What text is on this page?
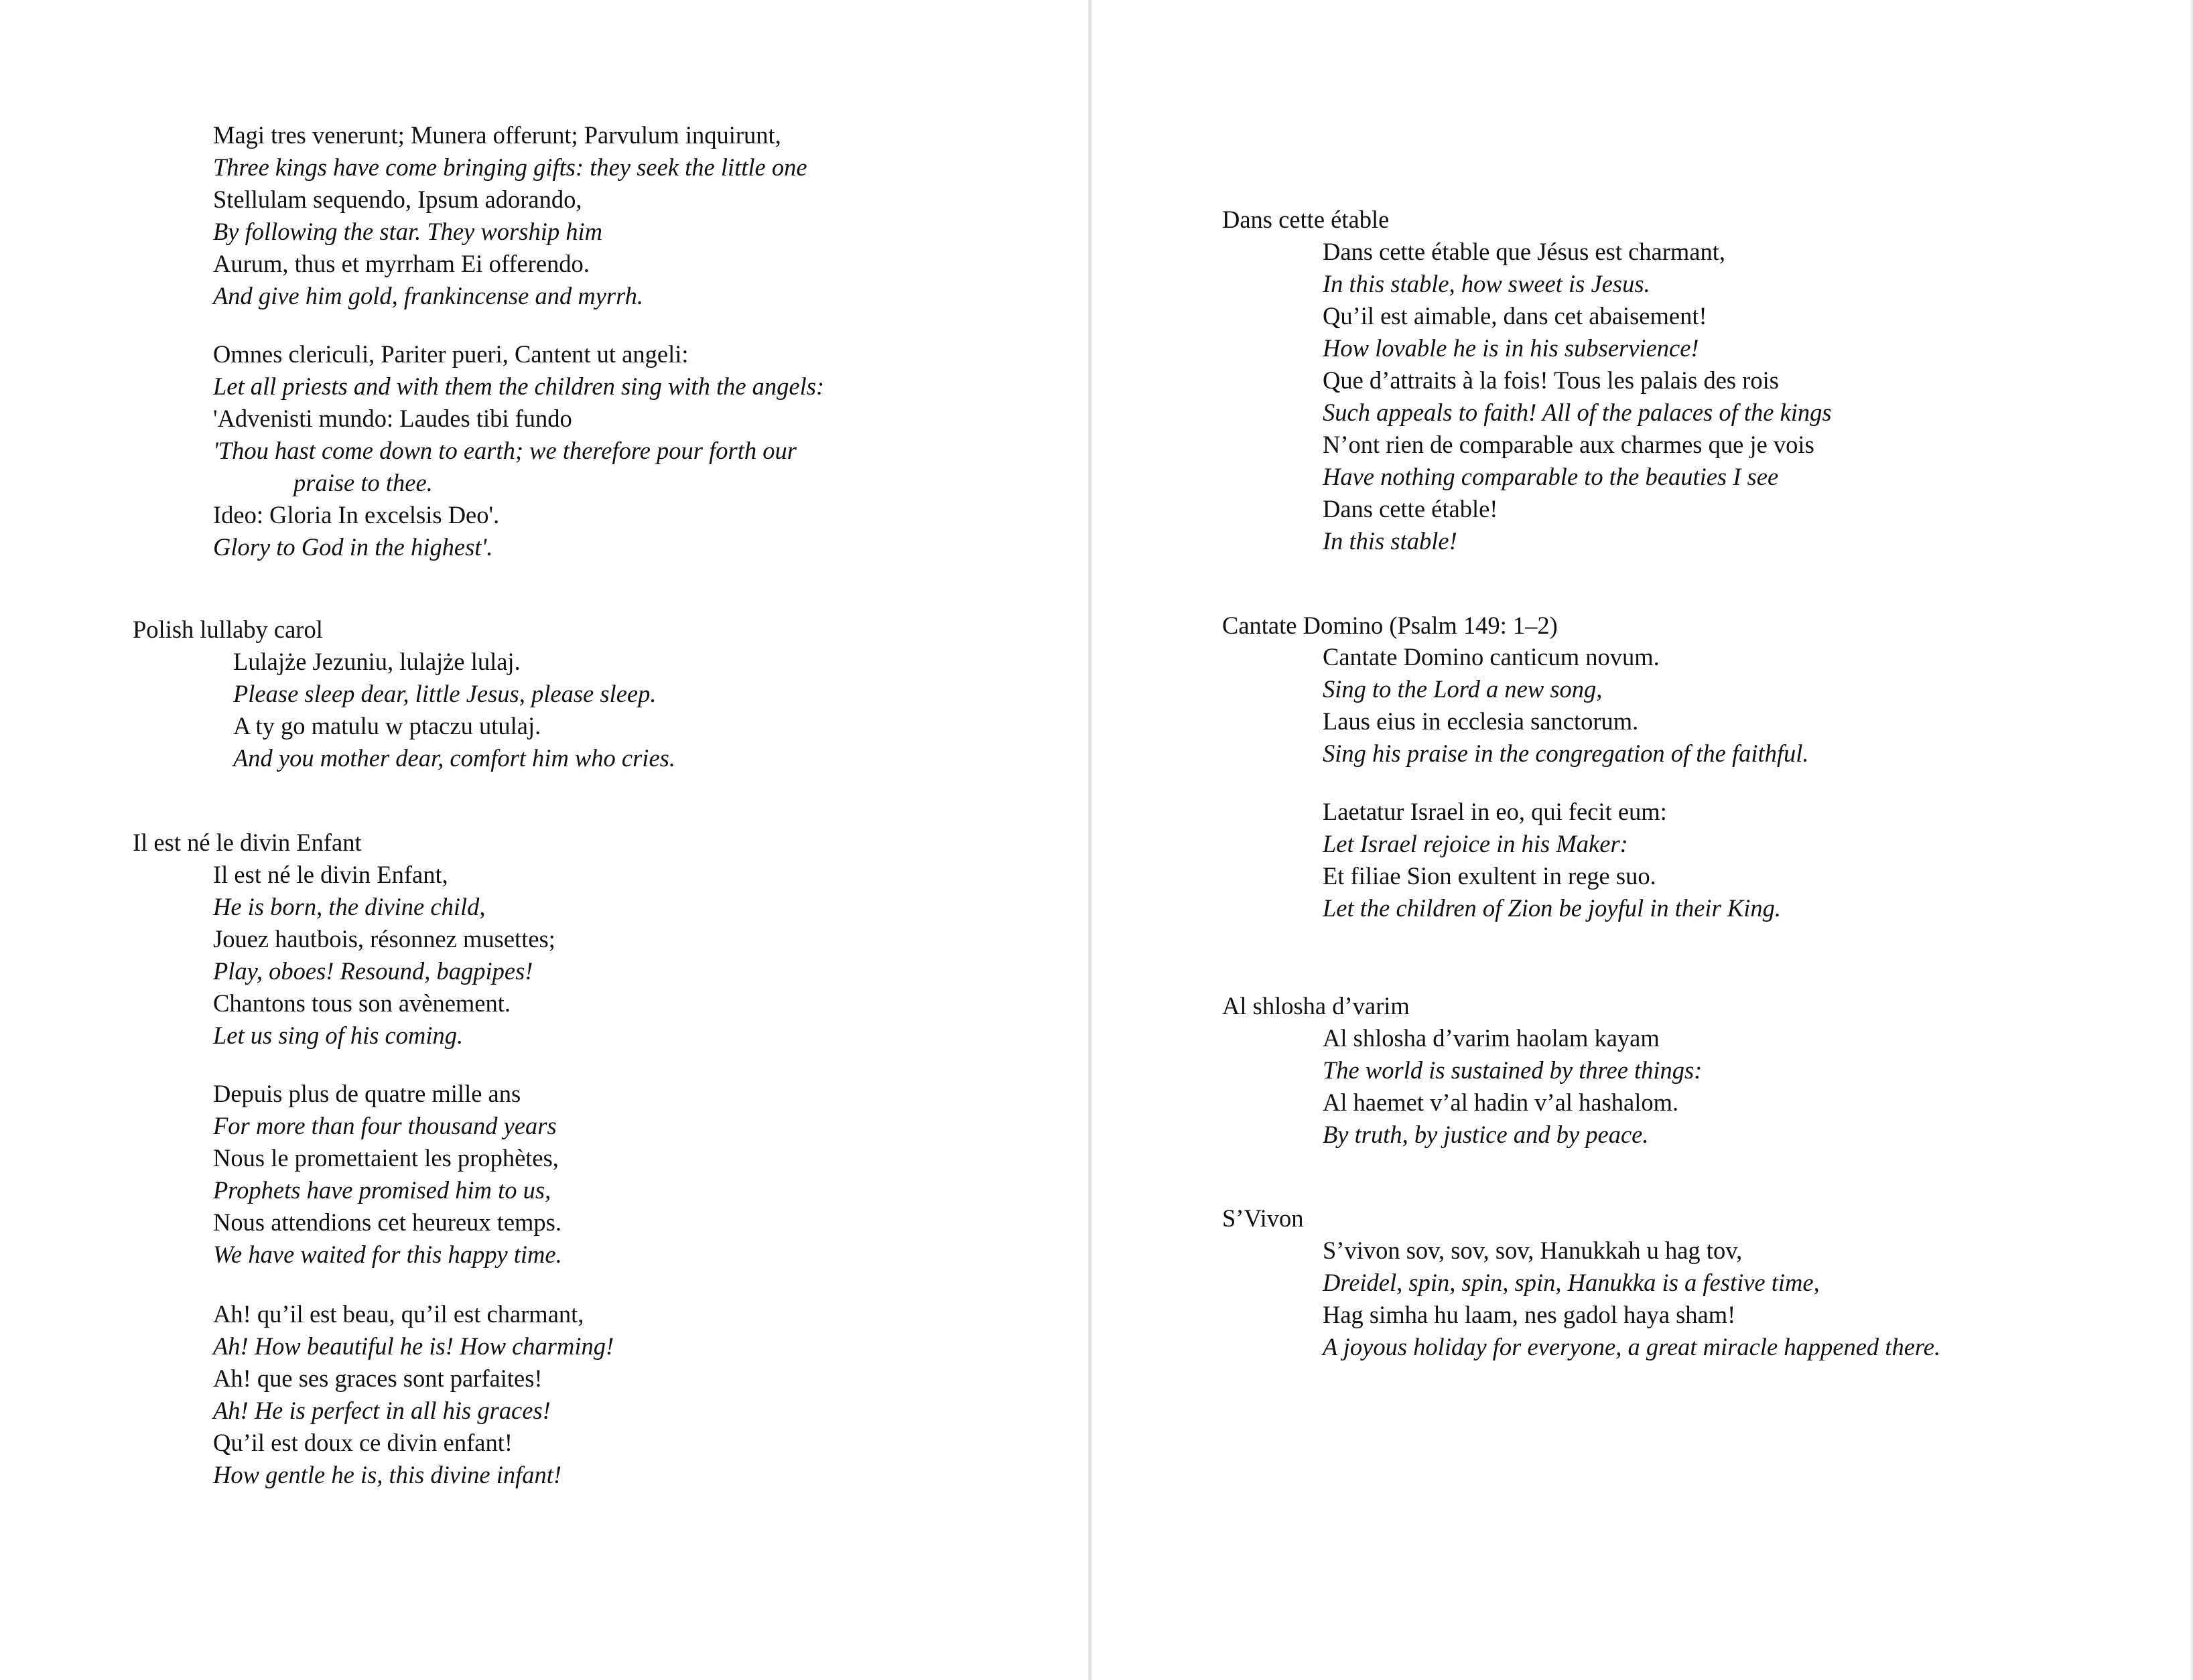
Magi tres venerunt; Munera offerunt; Parvulum inquirunt,
Three kings have come bringing gifts: they seek the little one
Stellulam sequendo, Ipsum adorando,
By following the star. They worship him
Aurum, thus et myrrham Ei offerendo.
And give him gold, frankincense and myrrh.
Omnes clericuli, Pariter pueri, Cantent ut angeli:
Let all priests and with them the children sing with the angels:
'Advenisti mundo: Laudes tibi fundo
'Thou hast come down to earth; we therefore pour forth our
praise to thee.
Ideo: Gloria In excelsis Deo'.
Glory to God in the highest'.
Polish lullaby carol
Lulajże Jezuniu, lulajże lulaj.
Please sleep dear, little Jesus, please sleep.
A ty go matulu w ptaczu utulaj.
And you mother dear, comfort him who cries.
Il est né le divin Enfant
Il est né le divin Enfant,
He is born, the divine child,
Jouez hautbois, résonnez musettes;
Play, oboes! Resound, bagpipes!
Chantons tous son avènement.
Let us sing of his coming.
Depuis plus de quatre mille ans
For more than four thousand years
Nous le promettaient les prophètes,
Prophets have promised him to us,
Nous attendions cet heureux temps.
We have waited for this happy time.
Ah! qu’il est beau, qu’il est charmant,
Ah! How beautiful he is! How charming!
Ah! que ses graces sont parfaites!
Ah! He is perfect in all his graces!
Qu’il est doux ce divin enfant!
How gentle he is, this divine infant!
Dans cette étable
Dans cette étable que Jésus est charmant,
In this stable, how sweet is Jesus.
Qu’il est aimable, dans cet abaisement!
How lovable he is in his subservience!
Que d’attraits à la fois! Tous les palais des rois
Such appeals to faith! All of the palaces of the kings
N’ont rien de comparable aux charmes que je vois
Have nothing comparable to the beauties I see
Dans cette étable!
In this stable!
Cantate Domino (Psalm 149: 1–2)
Cantate Domino canticum novum.
Sing to the Lord a new song,
Laus eius in ecclesia sanctorum.
Sing his praise in the congregation of the faithful.
Laetatur Israel in eo, qui fecit eum:
Let Israel rejoice in his Maker:
Et filiae Sion exultent in rege suo.
Let the children of Zion be joyful in their King.
Al shlosha d’varim
Al shlosha d’varim haolam kayam
The world is sustained by three things:
Al haemet v’al hadin v’al hashalom.
By truth, by justice and by peace.
S’Vivon
S’vivon sov, sov, sov, Hanukkah u hag tov,
Dreidel, spin, spin, spin, Hanukka is a festive time,
Hag simha hu laam, nes gadol haya sham!
A joyous holiday for everyone, a great miracle happened there.
